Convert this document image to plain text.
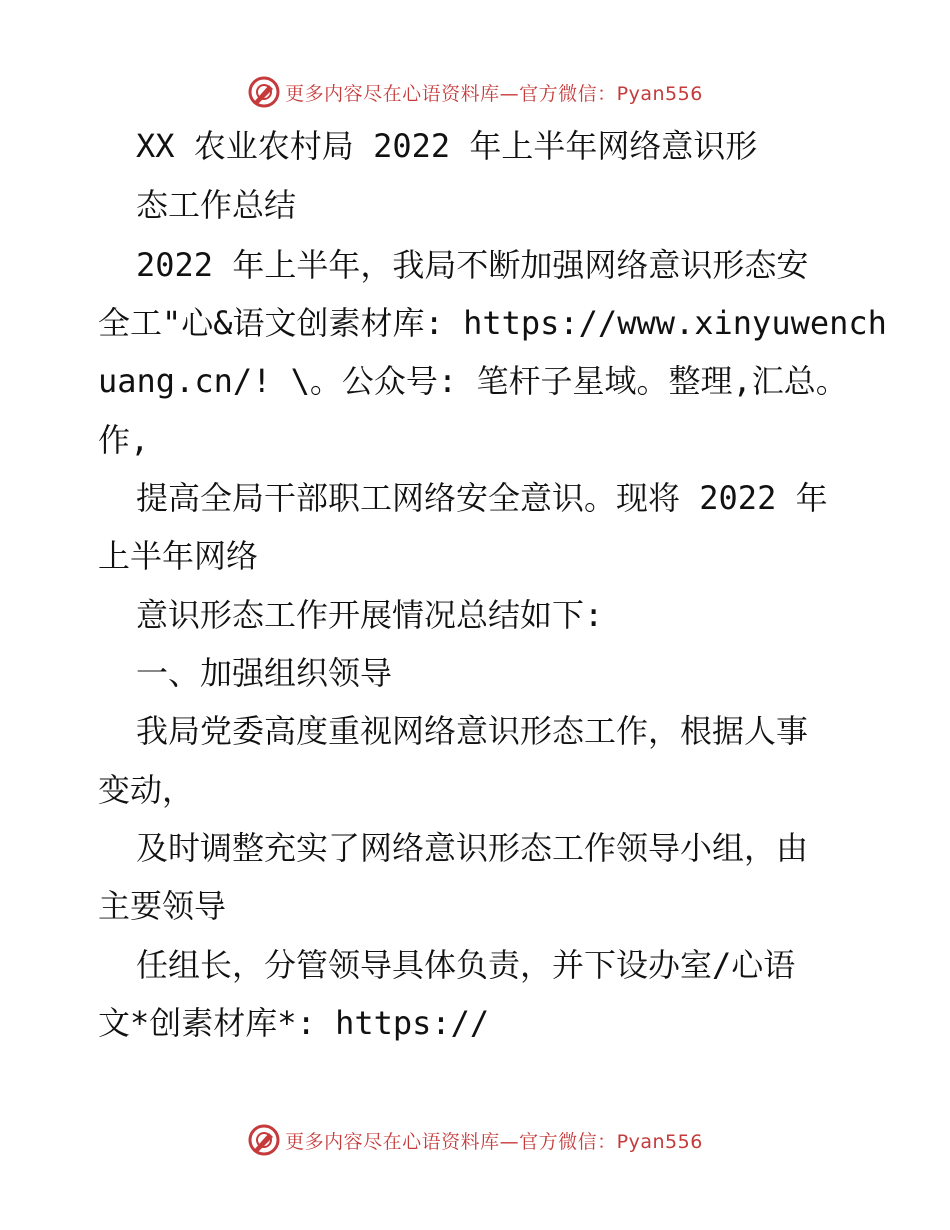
更多内容尽在心语资料库—官方微信：Pyan556
XX 农业农村局 2022 年上半年网络意识形
态工作总结
2022 年上半年，我局不断加强网络意识形态安
全工"心&语文创素材库: https://www.xinyuwench
uang.cn/! \。公众号: 笔杆子星域。整理,汇总。
作,
提高全局干部职工网络安全意识。现将 2022 年
上半年网络
意识形态工作开展情况总结如下:
一、加强组织领导
我局党委高度重视网络意识形态工作，根据人事
变动，
及时调整充实了网络意识形态工作领导小组，由
主要领导
任组长，分管领导具体负责，并下设办室/心语
文*创素材库*: https://
更多内容尽在心语资料库—官方微信：Pyan556
